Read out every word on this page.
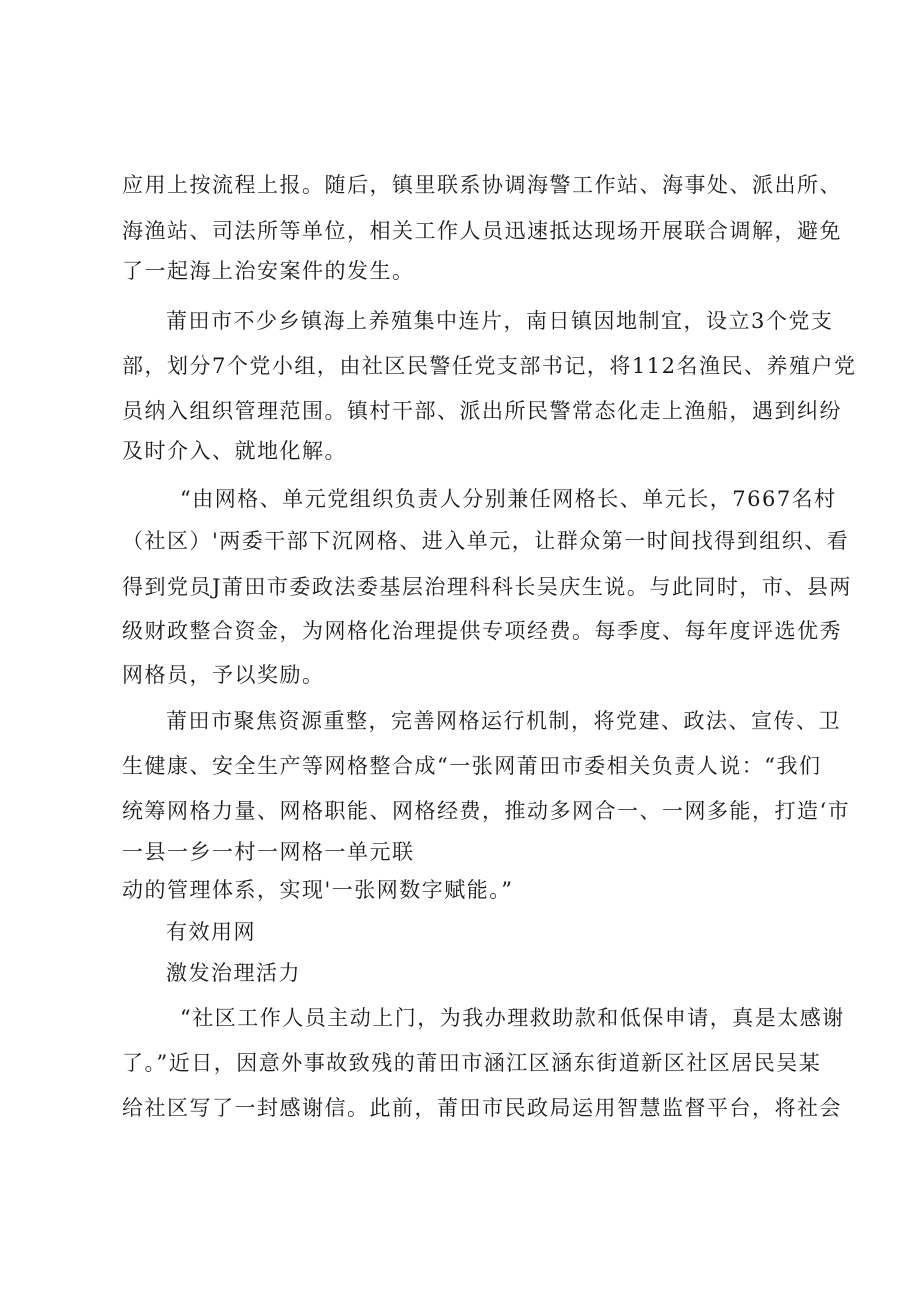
应用上按流程上报。随后，镇里联系协调海警工作站、海事处、派出所、
海渔站、司法所等单位，相关工作人员迅速抵达现场开展联合调解，避免
了一起海上治安案件的发生。
莆田市不少乡镇海上养殖集中连片，南日镇因地制宜，设立3个党支
部，划分7个党小组，由社区民警任党支部书记，将112名渔民、养殖户党
员纳入组织管理范围。镇村干部、派出所民警常态化走上渔船，遇到纠纷
及时介入、就地化解。
“由网格、单元党组织负责人分别兼任网格长、单元长，7667名村
（社区）'两委干部下沉网格、进入单元，让群众第一时间找得到组织、看
得到党员J莆田市委政法委基层治理科科长吴庆生说。与此同时，市、县两
级财政整合资金，为网格化治理提供专项经费。每季度、每年度评选优秀
网格员，予以奖励。
莆田市聚焦资源重整，完善网格运行机制，将党建、政法、宣传、卫
生健康、安全生产等网格整合成“一张网莆田市委相关负责人说：“我们
统筹网格力量、网格职能、网格经费，推动多网合一、一网多能，打造‘市
一县一乡一村一网格一单元联
动的管理体系，实现'一张网数字赋能。”
有效用网
激发治理活力
“社区工作人员主动上门，为我办理救助款和低保申请，真是太感谢
了。”近日，因意外事故致残的莆田市涵江区涵东街道新区社区居民吴某
给社区写了一封感谢信。此前，莆田市民政局运用智慧监督平台，将社会
